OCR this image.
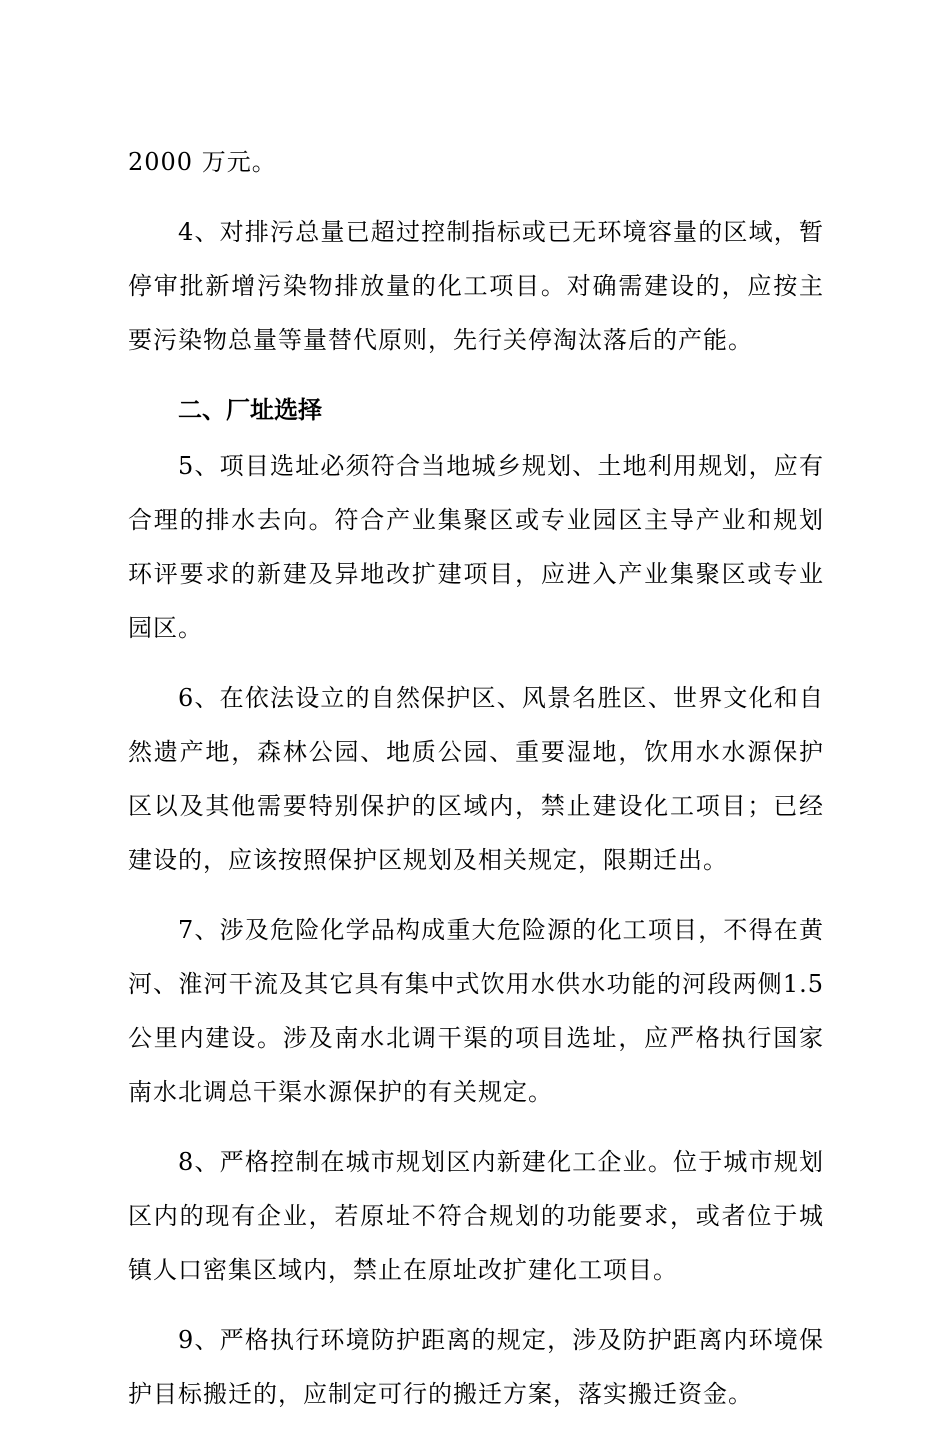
2000 万元。

4、对排污总量已超过控制指标或已无环境容量的区域，暂停审批新增污染物排放量的化工项目。对确需建设的，应按主要污染物总量等量替代原则，先行关停淘汰落后的产能。

二、厂址选择

5、项目选址必须符合当地城乡规划、土地利用规划，应有合理的排水去向。符合产业集聚区或专业园区主导产业和规划环评要求的新建及异地改扩建项目，应进入产业集聚区或专业园区。

6、在依法设立的自然保护区、风景名胜区、世界文化和自然遗产地，森林公园、地质公园、重要湿地，饮用水水源保护区以及其他需要特别保护的区域内，禁止建设化工项目；已经建设的，应该按照保护区规划及相关规定，限期迁出。

7、涉及危险化学品构成重大危险源的化工项目，不得在黄河、淮河干流及其它具有集中式饮用水供水功能的河段两侧1.5 公里内建设。涉及南水北调干渠的项目选址，应严格执行国家南水北调总干渠水源保护的有关规定。

8、严格控制在城市规划区内新建化工企业。位于城市规划区内的现有企业，若原址不符合规划的功能要求，或者位于城镇人口密集区域内，禁止在原址改扩建化工项目。

9、严格执行环境防护距离的规定，涉及防护距离内环境保护目标搬迁的，应制定可行的搬迁方案，落实搬迁资金。
